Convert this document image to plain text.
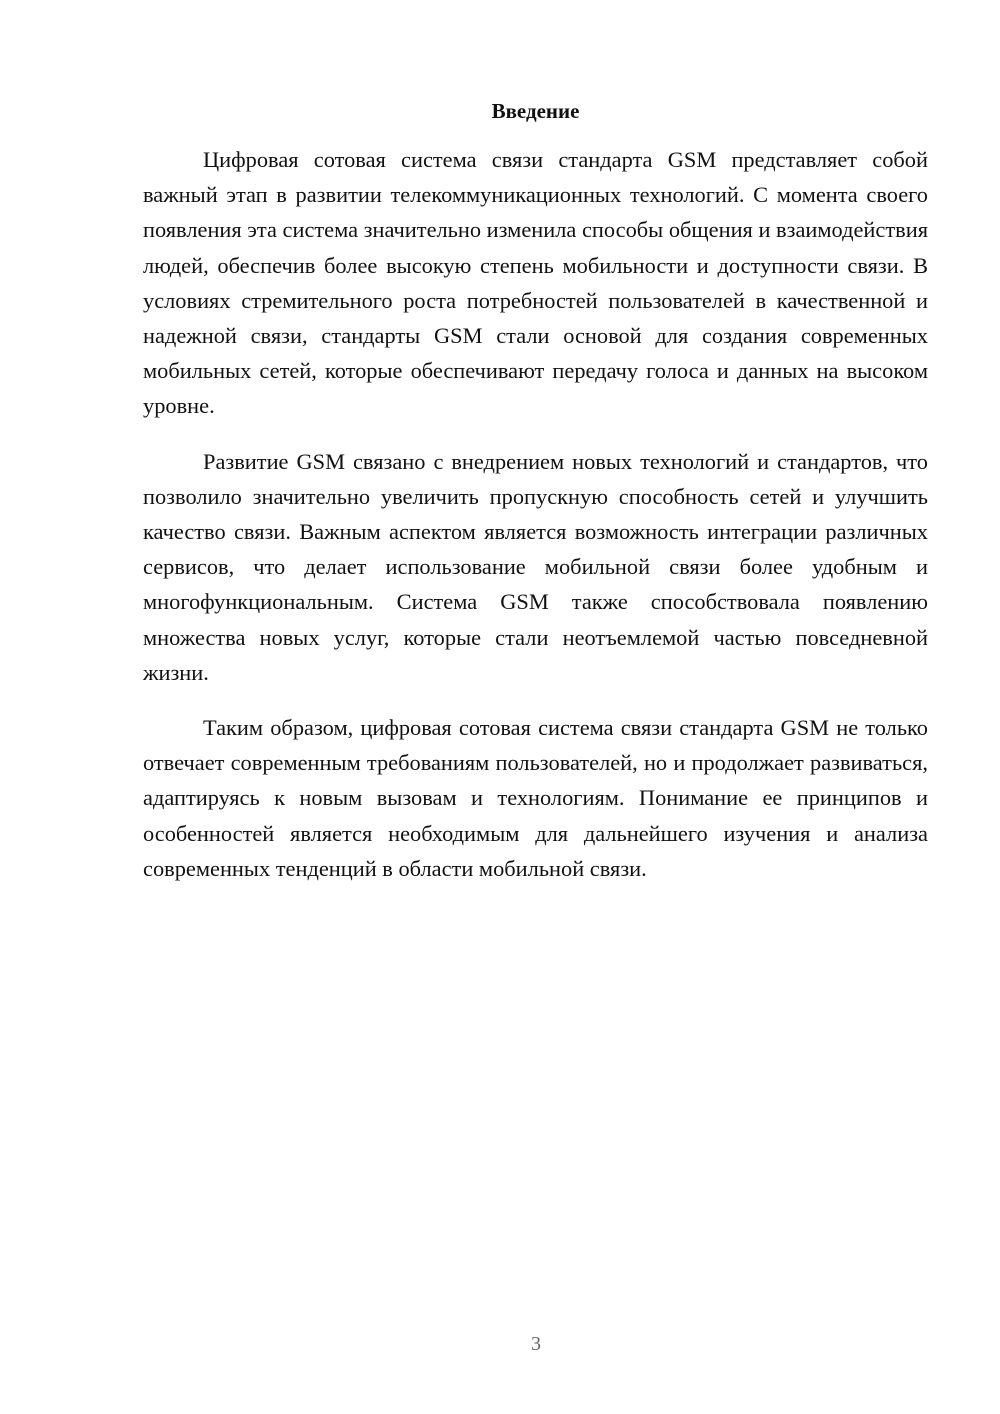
Введение

Цифровая сотовая система связи стандарта GSM представляет собой важный этап в развитии телекоммуникационных технологий. С момента своего появления эта система значительно изменила способы общения и взаимодействия людей, обеспечив более высокую степень мобильности и доступности связи. В условиях стремительного роста потребностей пользователей в качественной и надежной связи, стандарты GSM стали основой для создания современных мобильных сетей, которые обеспечивают передачу голоса и данных на высоком уровне.

Развитие GSM связано с внедрением новых технологий и стандартов, что позволило значительно увеличить пропускную способность сетей и улучшить качество связи. Важным аспектом является возможность интеграции различных сервисов, что делает использование мобильной связи более удобным и многофункциональным. Система GSM также способствовала появлению множества новых услуг, которые стали неотъемлемой частью повседневной жизни.

Таким образом, цифровая сотовая система связи стандарта GSM не только отвечает современным требованиям пользователей, но и продолжает развиваться, адаптируясь к новым вызовам и технологиям. Понимание ее принципов и особенностей является необходимым для дальнейшего изучения и анализа современных тенденций в области мобильной связи.

3
